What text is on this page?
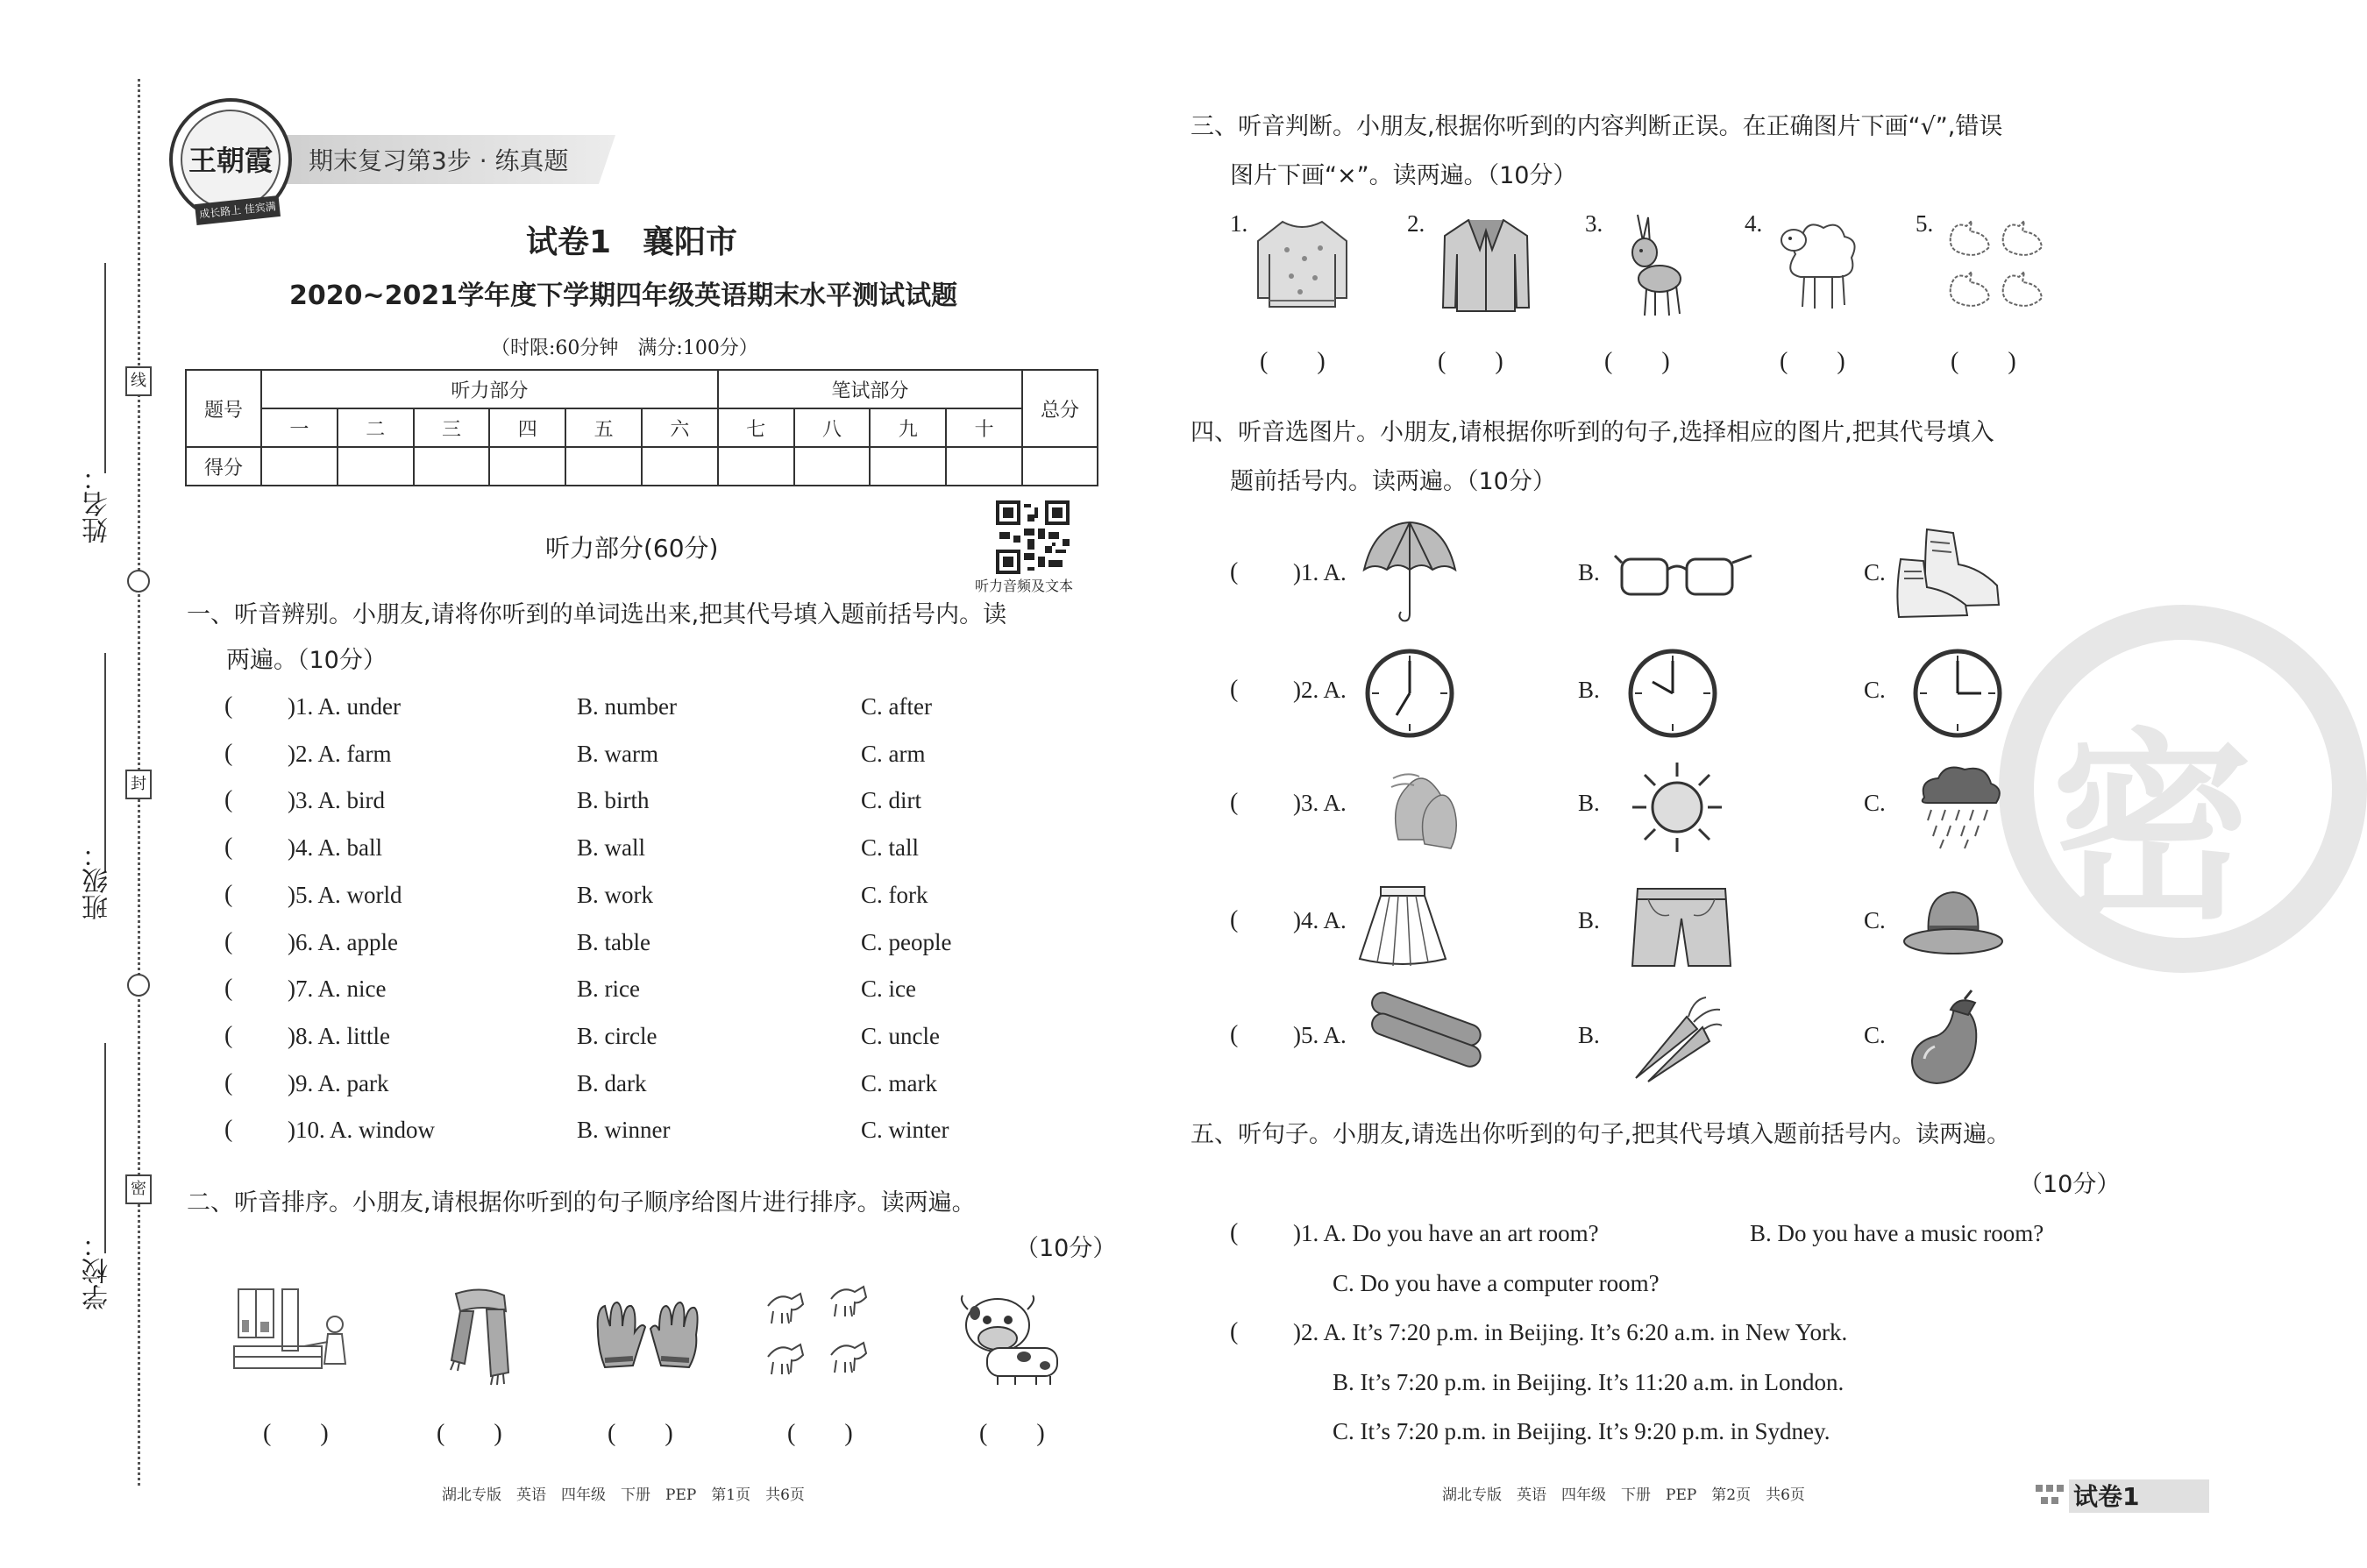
姓名：
班级：
学校：
线
封
密
期末复习第3步 · 练真题
王朝霞
成长路上 佳宾满天	试卷1　襄阳市
2020~2021学年度下学期四年级英语期末水平测试试题
（时限:60分钟　满分:100分）
题号	听力部分						笔试部分				总分
	一	二	三	四	五	六	七	八	九	十	
得分											
听力音频及文本
听力部分(60分)
一、听音辨别。小朋友,请将你听到的单词选出来,把其代号填入题前括号内。读
两遍。（10分）
( )1. A. under	B. number	C. after
( )2. A. farm	B. warm	C. arm
( )3. A. bird	B. birth	C. dirt
( )4. A. ball	B. wall	C. tall
( )5. A. world	B. work	C. fork
( )6. A. apple	B. table	C. people
( )7. A. nice	B. rice	C. ice
( )8. A. little	B. circle	C. uncle
( )9. A. park	B. dark	C. mark
( )10. A. window	B. winner	C. winter
二、听音排序。小朋友,请根据你听到的句子顺序给图片进行排序。读两遍。
（10分）
(　　)	(　　)	(　　)	(　　)	(　　)
密
三、听音判断。小朋友,根据你听到的内容判断正误。在正确图片下画“√”,错误
图片下画“×”。读两遍。（10分）
1.	2.	3.	4.	5.
(　　)	(　　)	(　　)	(　　)	(　　)
四、听音选图片。小朋友,请根据你听到的句子,选择相应的图片,把其代号填入
题前括号内。读两遍。（10分）
( )1. A.	B.	C.
( )2. A.	B.	C.
( )3. A.	B.	C.
( )4. A.	B.	C.
( )5. A.	B.	C.
五、听句子。小朋友,请选出你听到的句子,把其代号填入题前括号内。读两遍。
（10分）
( )1. A. Do you have an art room?	B. Do you have a music room?
C. Do you have a computer room?
( )2. A. It’s 7:20 p.m. in Beijing. It’s 6:20 a.m. in New York.
B. It’s 7:20 p.m. in Beijing. It’s 11:20 a.m. in London.
C. It’s 7:20 p.m. in Beijing. It’s 9:20 p.m. in Sydney.
湖北专版　英语　四年级　下册　PEP　第1页　共6页	湖北专版　英语　四年级　下册　PEP　第2页　共6页	试卷1
